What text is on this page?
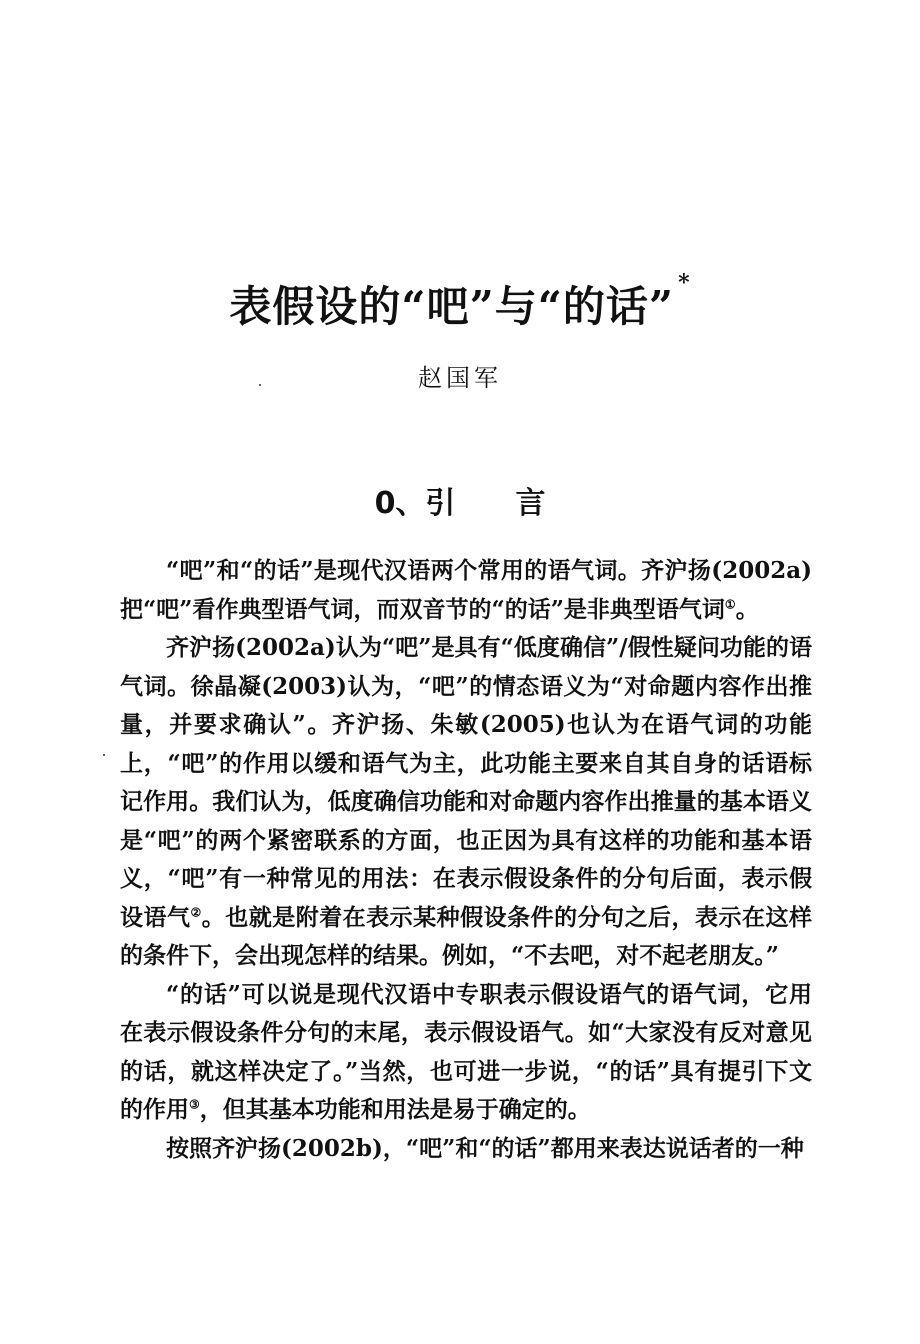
表假设的“吧”与“的话” *
赵国军
0、引 言

“吧”和“的话”是现代汉语两个常用的语气词。齐沪扬(2002a)把“吧”看作典型语气词，而双音节的“的话”是非典型语气词①。

齐沪扬(2002a)认为“吧”是具有“低度确信”/假性疑问功能的语气词。徐晶凝(2003)认为，“吧”的情态语义为“对命题内容作出推量，并要求确认”。齐沪扬、朱敏(2005)也认为在语气词的功能上，“吧”的作用以缓和语气为主，此功能主要来自其自身的话语标记作用。我们认为，低度确信功能和对命题内容作出推量的基本语义是“吧”的两个紧密联系的方面，也正因为具有这样的功能和基本语义，“吧”有一种常见的用法：在表示假设条件的分句后面，表示假设语气②。也就是附着在表示某种假设条件的分句之后，表示在这样的条件下，会出现怎样的结果。例如，“不去吧，对不起老朋友。”

“的话”可以说是现代汉语中专职表示假设语气的语气词，它用在表示假设条件分句的末尾，表示假设语气。如“大家没有反对意见的话，就这样决定了。”当然，也可进一步说，“的话”具有提引下文的作用③，但其基本功能和用法是易于确定的。

按照齐沪扬(2002b)，“吧”和“的话”都用来表达说话者的一种
